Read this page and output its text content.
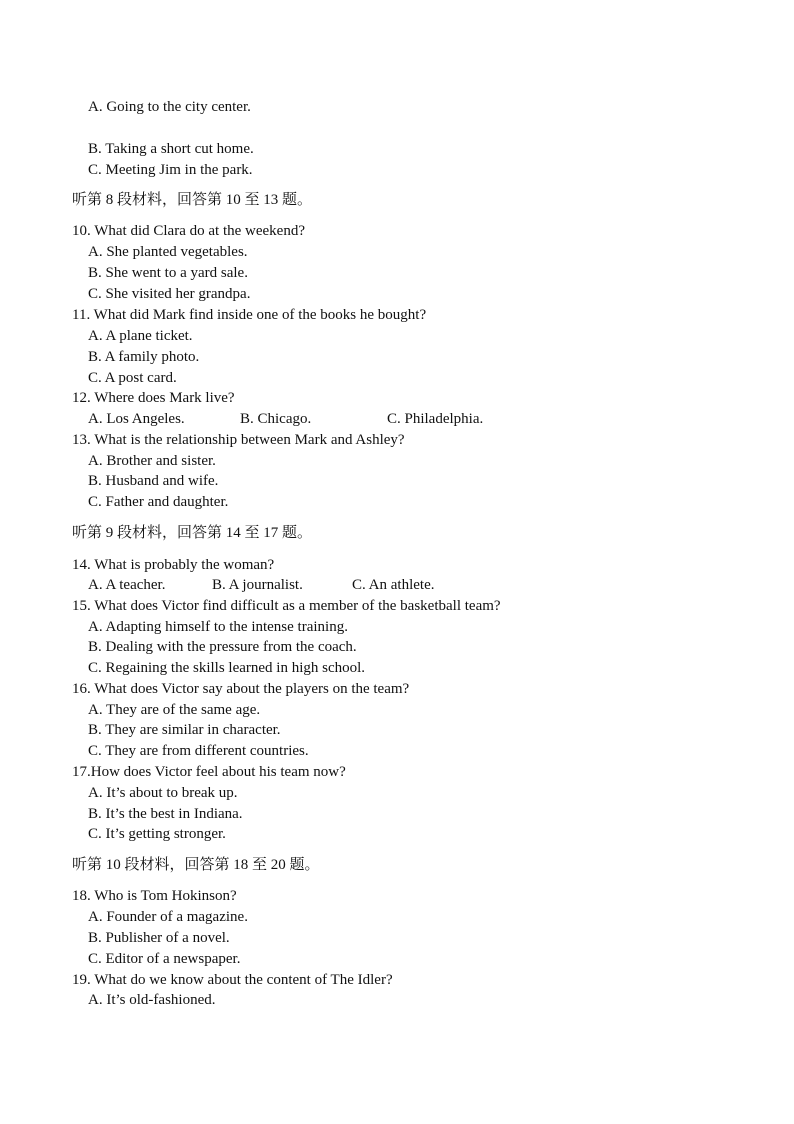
A. Going to the city center.
B. Taking a short cut home.
C. Meeting Jim in the park.
听第 8 段材料，回答第 10 至 13 题。
10. What did Clara do at the weekend?
A. She planted vegetables.
B. She went to a yard sale.
C. She visited her grandpa.
11. What did Mark find inside one of the books he bought?
A. A plane ticket.
B. A family photo.
C. A post card.
12. Where does Mark live?
A. Los Angeles.	B. Chicago.	C. Philadelphia.
13. What is the relationship between Mark and Ashley?
A. Brother and sister.
B. Husband and wife.
C. Father and daughter.
听第 9 段材料，回答第 14 至 17 题。
14. What is probably the woman?
A. A teacher.	B. A journalist.	C. An athlete.
15. What does Victor find difficult as a member of the basketball team?
A. Adapting himself to the intense training.
B. Dealing with the pressure from the coach.
C. Regaining the skills learned in high school.
16. What does Victor say about the players on the team?
A. They are of the same age.
B. They are similar in character.
C. They are from different countries.
17.How does Victor feel about his team now?
A. It’s about to break up.
B. It’s the best in Indiana.
C. It’s getting stronger.
听第 10 段材料，回答第 18 至 20 题。
18. Who is Tom Hokinson?
A. Founder of a magazine.
B. Publisher of a novel.
C. Editor of a newspaper.
19. What do we know about the content of The Idler?
A. It’s old-fashioned.
